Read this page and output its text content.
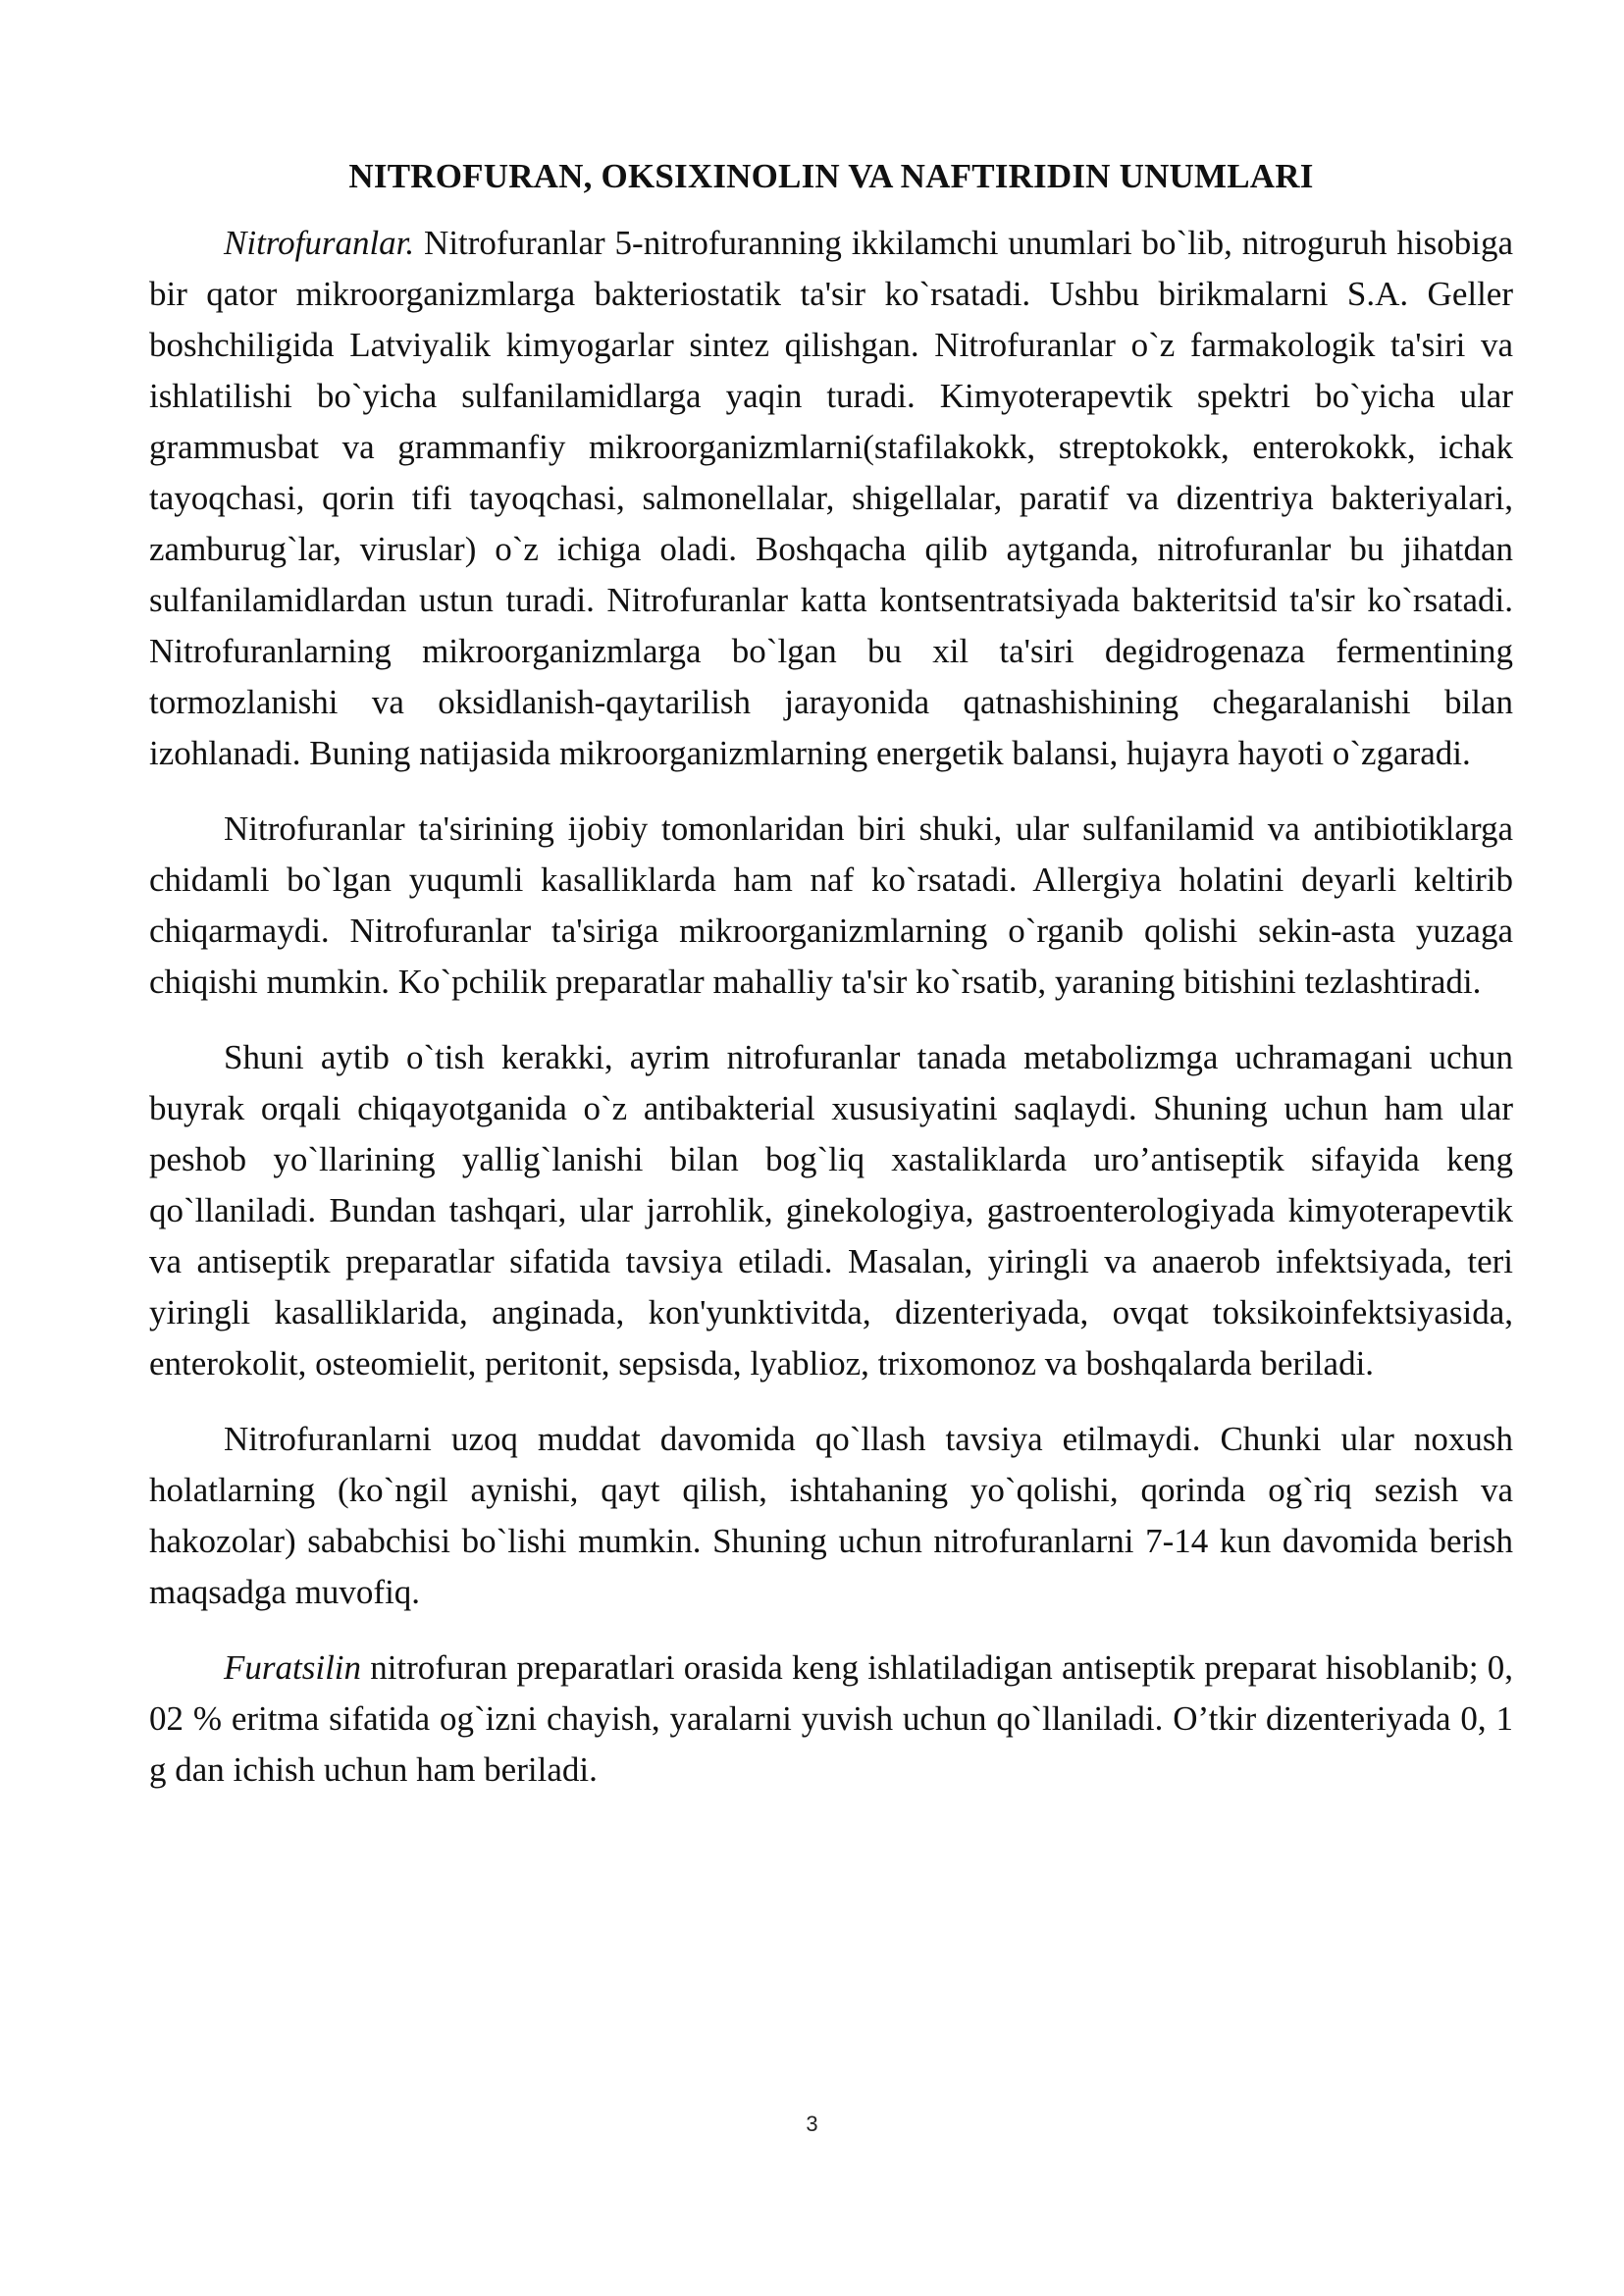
NITROFURAN, OKSIXINOLIN VA NAFTIRIDIN UNUMLARI

Nitrofuranlar. Nitrofuranlar 5-nitrofuranning ikkilamchi unumlari bo`lib, nitroguruh hisobiga bir qator mikroorganizmlarga bakteriostatik ta'sir ko`rsatadi. Ushbu birikmalarni S.A. Geller boshchiligida Latviyalik kimyogarlar sintez qilishgan. Nitrofuranlar o`z farmakologik ta'siri va ishlatilishi bo`yicha sulfanilamidlarga yaqin turadi. Kimyoterapevtik spektri bo`yicha ular grammusbat va grammanfiy mikroorganizmlarni(stafilakokk, streptokokk, enterokokk, ichak tayoqchasi, qorin tifi tayoqchasi, salmonellalar, shigellalar, paratif va dizentriya bakteriyalari, zamburug`lar, viruslar) o`z ichiga oladi. Boshqacha qilib aytganda, nitrofuranlar bu jihatdan sulfanilamidlardan ustun turadi. Nitrofuranlar katta kontsentratsiyada bakteritsid ta'sir ko`rsatadi. Nitrofuranlarning mikroorganizmlarga bo`lgan bu xil ta'siri degidrogenaza fermentining tormozlanishi va oksidlanish-qaytarilish jarayonida qatnashishining chegaralanishi bilan izohlanadi. Buning natijasida mikroorganizmlarning energetik balansi, hujayra hayoti o`zgaradi.

Nitrofuranlar ta'sirining ijobiy tomonlaridan biri shuki, ular sulfanilamid va antibiotiklarga chidamli bo`lgan yuqumli kasalliklarda ham naf ko`rsatadi. Allergiya holatini deyarli keltirib chiqarmaydi. Nitrofuranlar ta'siriga mikroorganizmlarning o`rganib qolishi sekin-asta yuzaga chiqishi mumkin. Ko`pchilik preparatlar mahalliy ta'sir ko`rsatib, yaraning bitishini tezlashtiradi.

Shuni aytib o`tish kerakki, ayrim nitrofuranlar tanada metabolizmga uchramagani uchun buyrak orqali chiqayotganida o`z antibakterial xususiyatini saqlaydi. Shuning uchun ham ular peshob yo`llarining yallig`lanishi bilan bog`liq xastaliklarda uro’antiseptik sifayida keng qo`llaniladi. Bundan tashqari, ular jarrohlik, ginekologiya, gastroenterologiyada kimyoterapevtik va antiseptik preparatlar sifatida tavsiya etiladi. Masalan, yiringli va anaerob infektsiyada, teri yiringli kasalliklarida, anginada, kon'yunktivitda, dizenteriyada, ovqat toksikoinfektsiyasida, enterokolit, osteomielit, peritonit, sepsisda, lyablioz, trixomonoz va boshqalarda beriladi.

Nitrofuranlarni uzoq muddat davomida qo`llash tavsiya etilmaydi. Chunki ular noxush holatlarning (ko`ngil aynishi, qayt qilish, ishtahaning yo`qolishi, qorinda og`riq sezish va hakozolar) sababchisi bo`lishi mumkin. Shuning uchun nitrofuranlarni 7-14 kun davomida berish maqsadga muvofiq.

Furatsilin nitrofuran preparatlari orasida keng ishlatiladigan antiseptik preparat hisoblanib; 0, 02 % eritma sifatida og`izni chayish, yaralarni yuvish uchun qo`llaniladi. O’tkir dizenteriyada 0, 1 g dan ichish uchun ham beriladi.

3
